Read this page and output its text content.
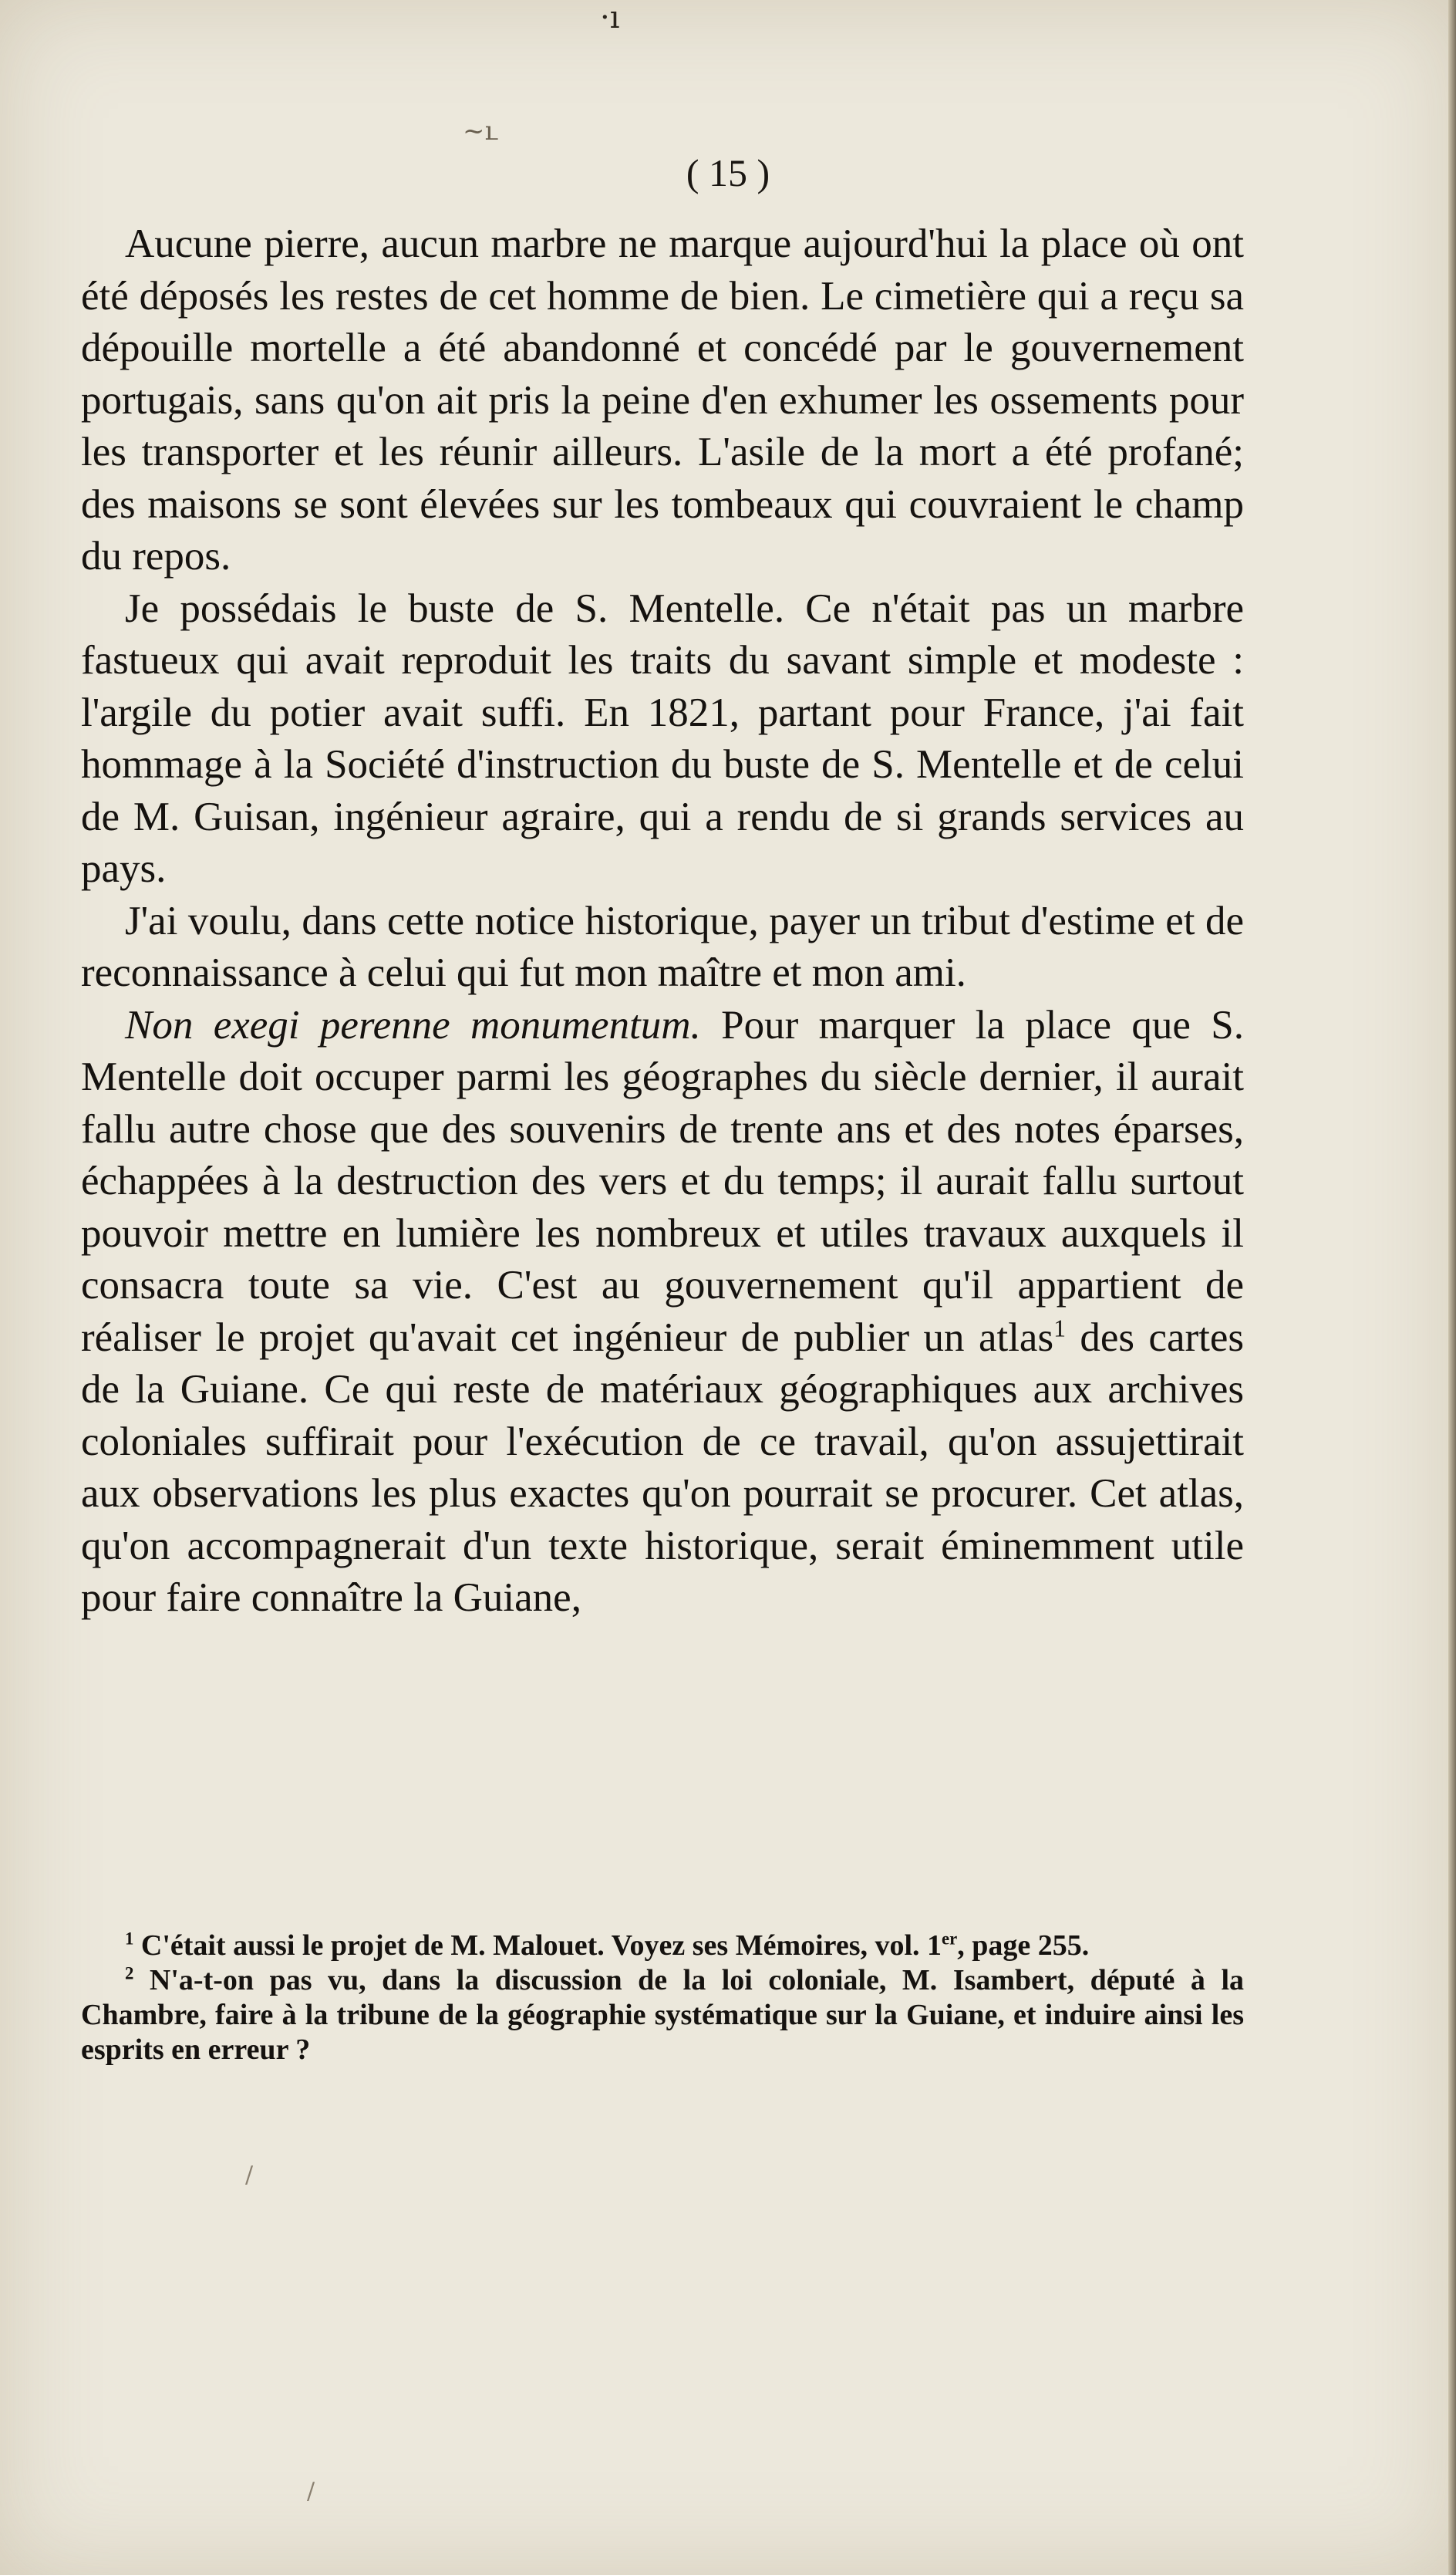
·ı
~ւ
( 15 )

Aucune pierre, aucun marbre ne marque aujourd'hui la place où ont été déposés les restes de cet homme de bien. Le cimetière qui a reçu sa dépouille mortelle a été abandonné et concédé par le gouvernement portugais, sans qu'on ait pris la peine d'en exhumer les ossements pour les transporter et les réunir ailleurs. L'asile de la mort a été profané; des maisons se sont élevées sur les tombeaux qui couvraient le champ du repos.

Je possédais le buste de S. Mentelle. Ce n'était pas un marbre fastueux qui avait reproduit les traits du savant simple et modeste : l'argile du potier avait suffi. En 1821, partant pour France, j'ai fait hommage à la Société d'instruction du buste de S. Mentelle et de celui de M. Guisan, ingénieur agraire, qui a rendu de si grands services au pays.

J'ai voulu, dans cette notice historique, payer un tribut d'estime et de reconnaissance à celui qui fut mon maître et mon ami.

Non exegi perenne monumentum. Pour marquer la place que S. Mentelle doit occuper parmi les géographes du siècle dernier, il aurait fallu autre chose que des souvenirs de trente ans et des notes éparses, échappées à la destruction des vers et du temps; il aurait fallu surtout pouvoir mettre en lumière les nombreux et utiles travaux auxquels il consacra toute sa vie. C'est au gouvernement qu'il appartient de réaliser le projet qu'avait cet ingénieur de publier un atlas$^1$ des cartes de la Guiane. Ce qui reste de matériaux géographiques aux archives coloniales suffirait pour l'exécution de ce travail, qu'on assujettirait aux observations les plus exactes qu'on pourrait se procurer. Cet atlas, qu'on accompagnerait d'un texte historique, serait éminemment utile pour faire connaître la Guiane,

$^1$ C'était aussi le projet de M. Malouet. Voyez ses Mémoires, vol. 1er, page 255.

$^2$ N'a-t-on pas vu, dans la discussion de la loi coloniale, M. Isambert, député à la Chambre, faire à la tribune de la géographie systématique sur la Guiane, et induire ainsi les esprits en erreur ?

/
/
